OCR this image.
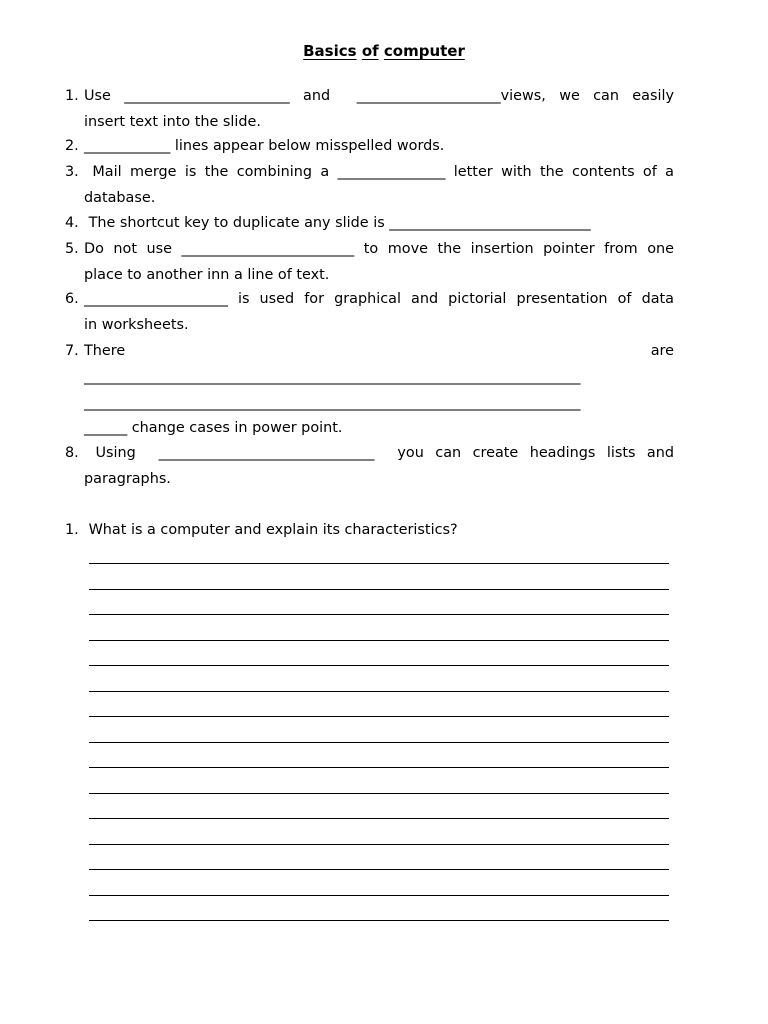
Basics of computer
1. Use _______________________ and  ____________________views, we can easily
insert text into the slide.
2. ____________ lines appear below misspelled words.
3. Mail merge is the combining a _______________ letter with the contents of a
database.
4. The shortcut key to duplicate any slide is ____________________________
5. Do not use ________________________ to move the insertion pointer from one
place to another inn a line of text.
6. ____________________ is used for graphical and pictorial presentation of data
in worksheets.
7. There	are
_____________________________________________________________________
_____________________________________________________________________
______ change cases in power point.
8. Using  ______________________________  you can create headings lists and
paragraphs.
1. What is a computer and explain its characteristics?
